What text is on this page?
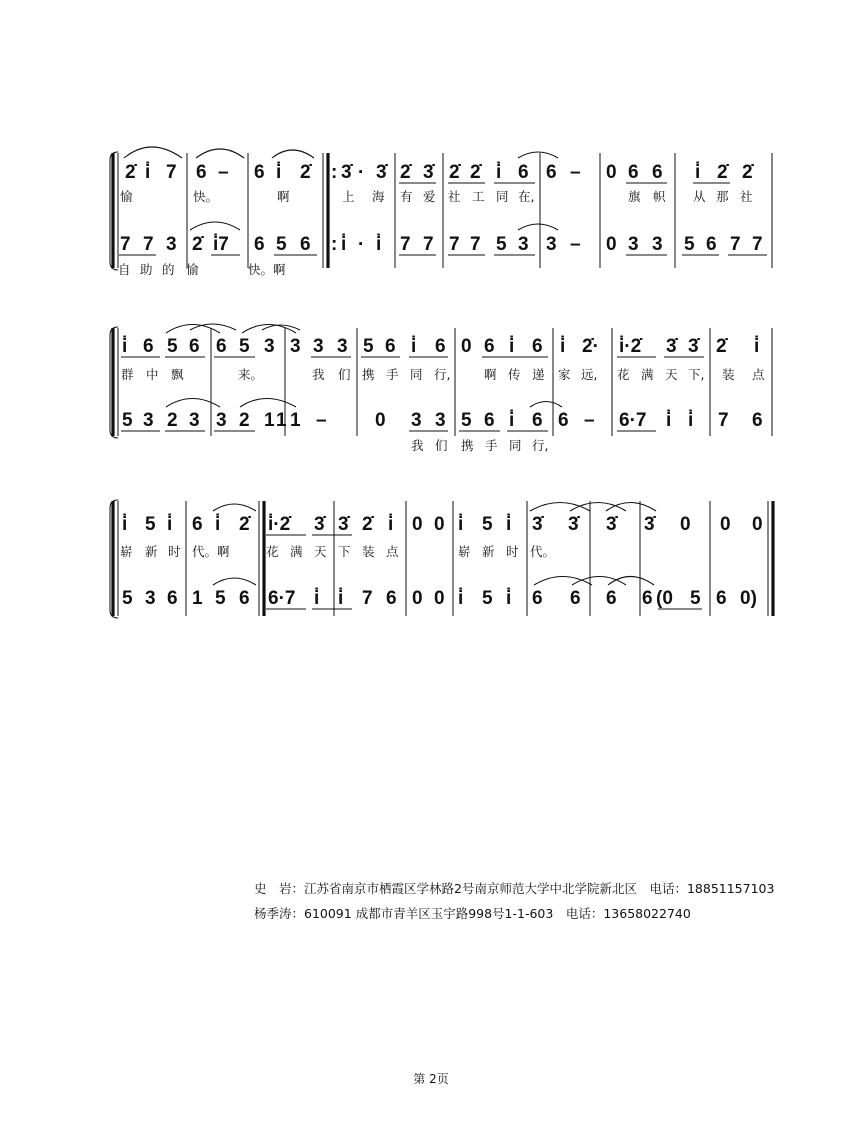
2̇ i̇ 7 6 – 6 i̇ 2̇ : 3̇ · 3̇ 2̇ 3̇ 2̇ 2̇ i̇ 6 6 – 0 6 6 i̇ 2̇ 2̇
愉	快。	啊	上 海 有 爱 社 工 同 在,	旗 帜 从 那 社
7 7 3 2̇ i̇7 6 5 6 : i̇ · i̇ 7 7 7 7 5 3 3 – 0 3 3 5 6 7 7
自 助 的 愉	快。啊
i̇ 6 5 6 6 5 3 3 3 3 5 6 i̇ 6 0 6 i̇ 6 i̇ 2̇· i̇·2̇ 3̇ 3̇ 2̇ i̇
群 中 飘	来。	我 们 携 手 同 行,	啊 传 递 家 远, 花 满 天 下, 装 点
5 3 2 3 3 2 1 1 1 –	0 3 3 5 6 i̇ 6 6 – 6·7 i̇ i̇ 7 6
我 们 携 手 同 行,
i̇ 5 i̇ 6 i̇ 2̇ i̇·2̇ 3̇ 3̇ 2̇ i̇ 0 0 i̇ 5 i̇ 3̇ 3̇ 3̇ 3̇ 0 0 0
崭 新 时 代。啊	花 满 天 下 装 点	崭 新 时 代。
5 3 6 1 5 6 6·7 i̇ i̇ 7 6 0 0 i̇ 5 i̇ 6 6 6 6 (0 5 6 0)
史　岩：江苏省南京市栖霞区学林路2号南京师范大学中北学院新北区　电话：18851157103
杨季涛：610091 成都市青羊区玉宇路998号1-1-603　电话：13658022740
第 2页
